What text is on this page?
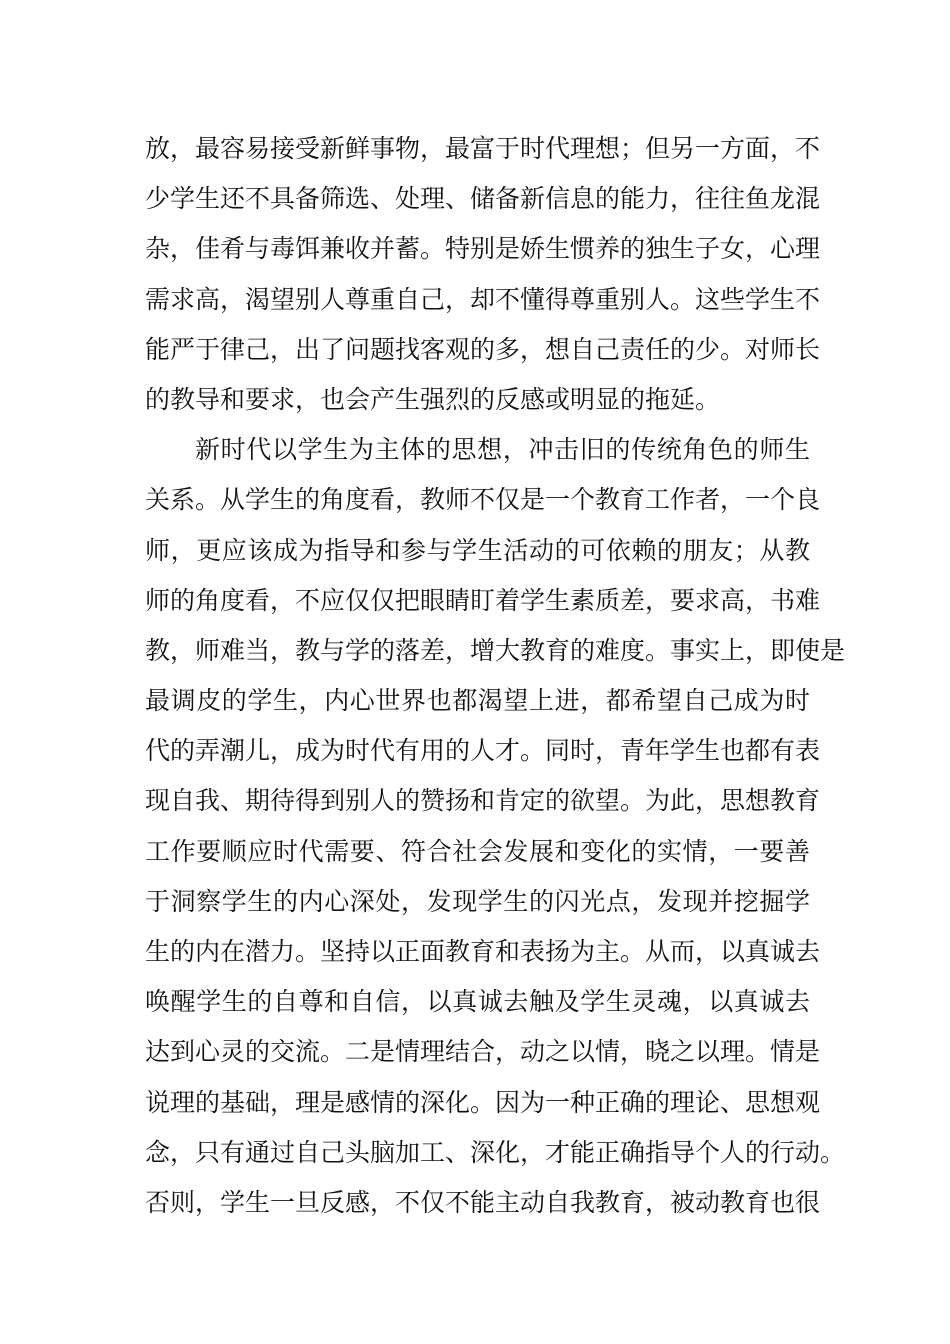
放，最容易接受新鲜事物，最富于时代理想；但另一方面，不
少学生还不具备筛选、处理、储备新信息的能力，往往鱼龙混
杂，佳肴与毒饵兼收并蓄。特别是娇生惯养的独生子女，心理
需求高，渴望别人尊重自己，却不懂得尊重别人。这些学生不
能严于律己，出了问题找客观的多，想自己责任的少。对师长
的教导和要求，也会产生强烈的反感或明显的拖延。
新时代以学生为主体的思想，冲击旧的传统角色的师生
关系。从学生的角度看，教师不仅是一个教育工作者，一个良
师，更应该成为指导和参与学生活动的可依赖的朋友；从教
师的角度看，不应仅仅把眼睛盯着学生素质差，要求高，书难
教，师难当，教与学的落差，增大教育的难度。事实上，即使是
最调皮的学生，内心世界也都渴望上进，都希望自己成为时
代的弄潮儿，成为时代有用的人才。同时，青年学生也都有表
现自我、期待得到别人的赞扬和肯定的欲望。为此，思想教育
工作要顺应时代需要、符合社会发展和变化的实情，一要善
于洞察学生的内心深处，发现学生的闪光点，发现并挖掘学
生的内在潜力。坚持以正面教育和表扬为主。从而，以真诚去
唤醒学生的自尊和自信，以真诚去触及学生灵魂，以真诚去
达到心灵的交流。二是情理结合，动之以情，晓之以理。情是
说理的基础，理是感情的深化。因为一种正确的理论、思想观
念，只有通过自己头脑加工、深化，才能正确指导个人的行动。
否则，学生一旦反感，不仅不能主动自我教育，被动教育也很
